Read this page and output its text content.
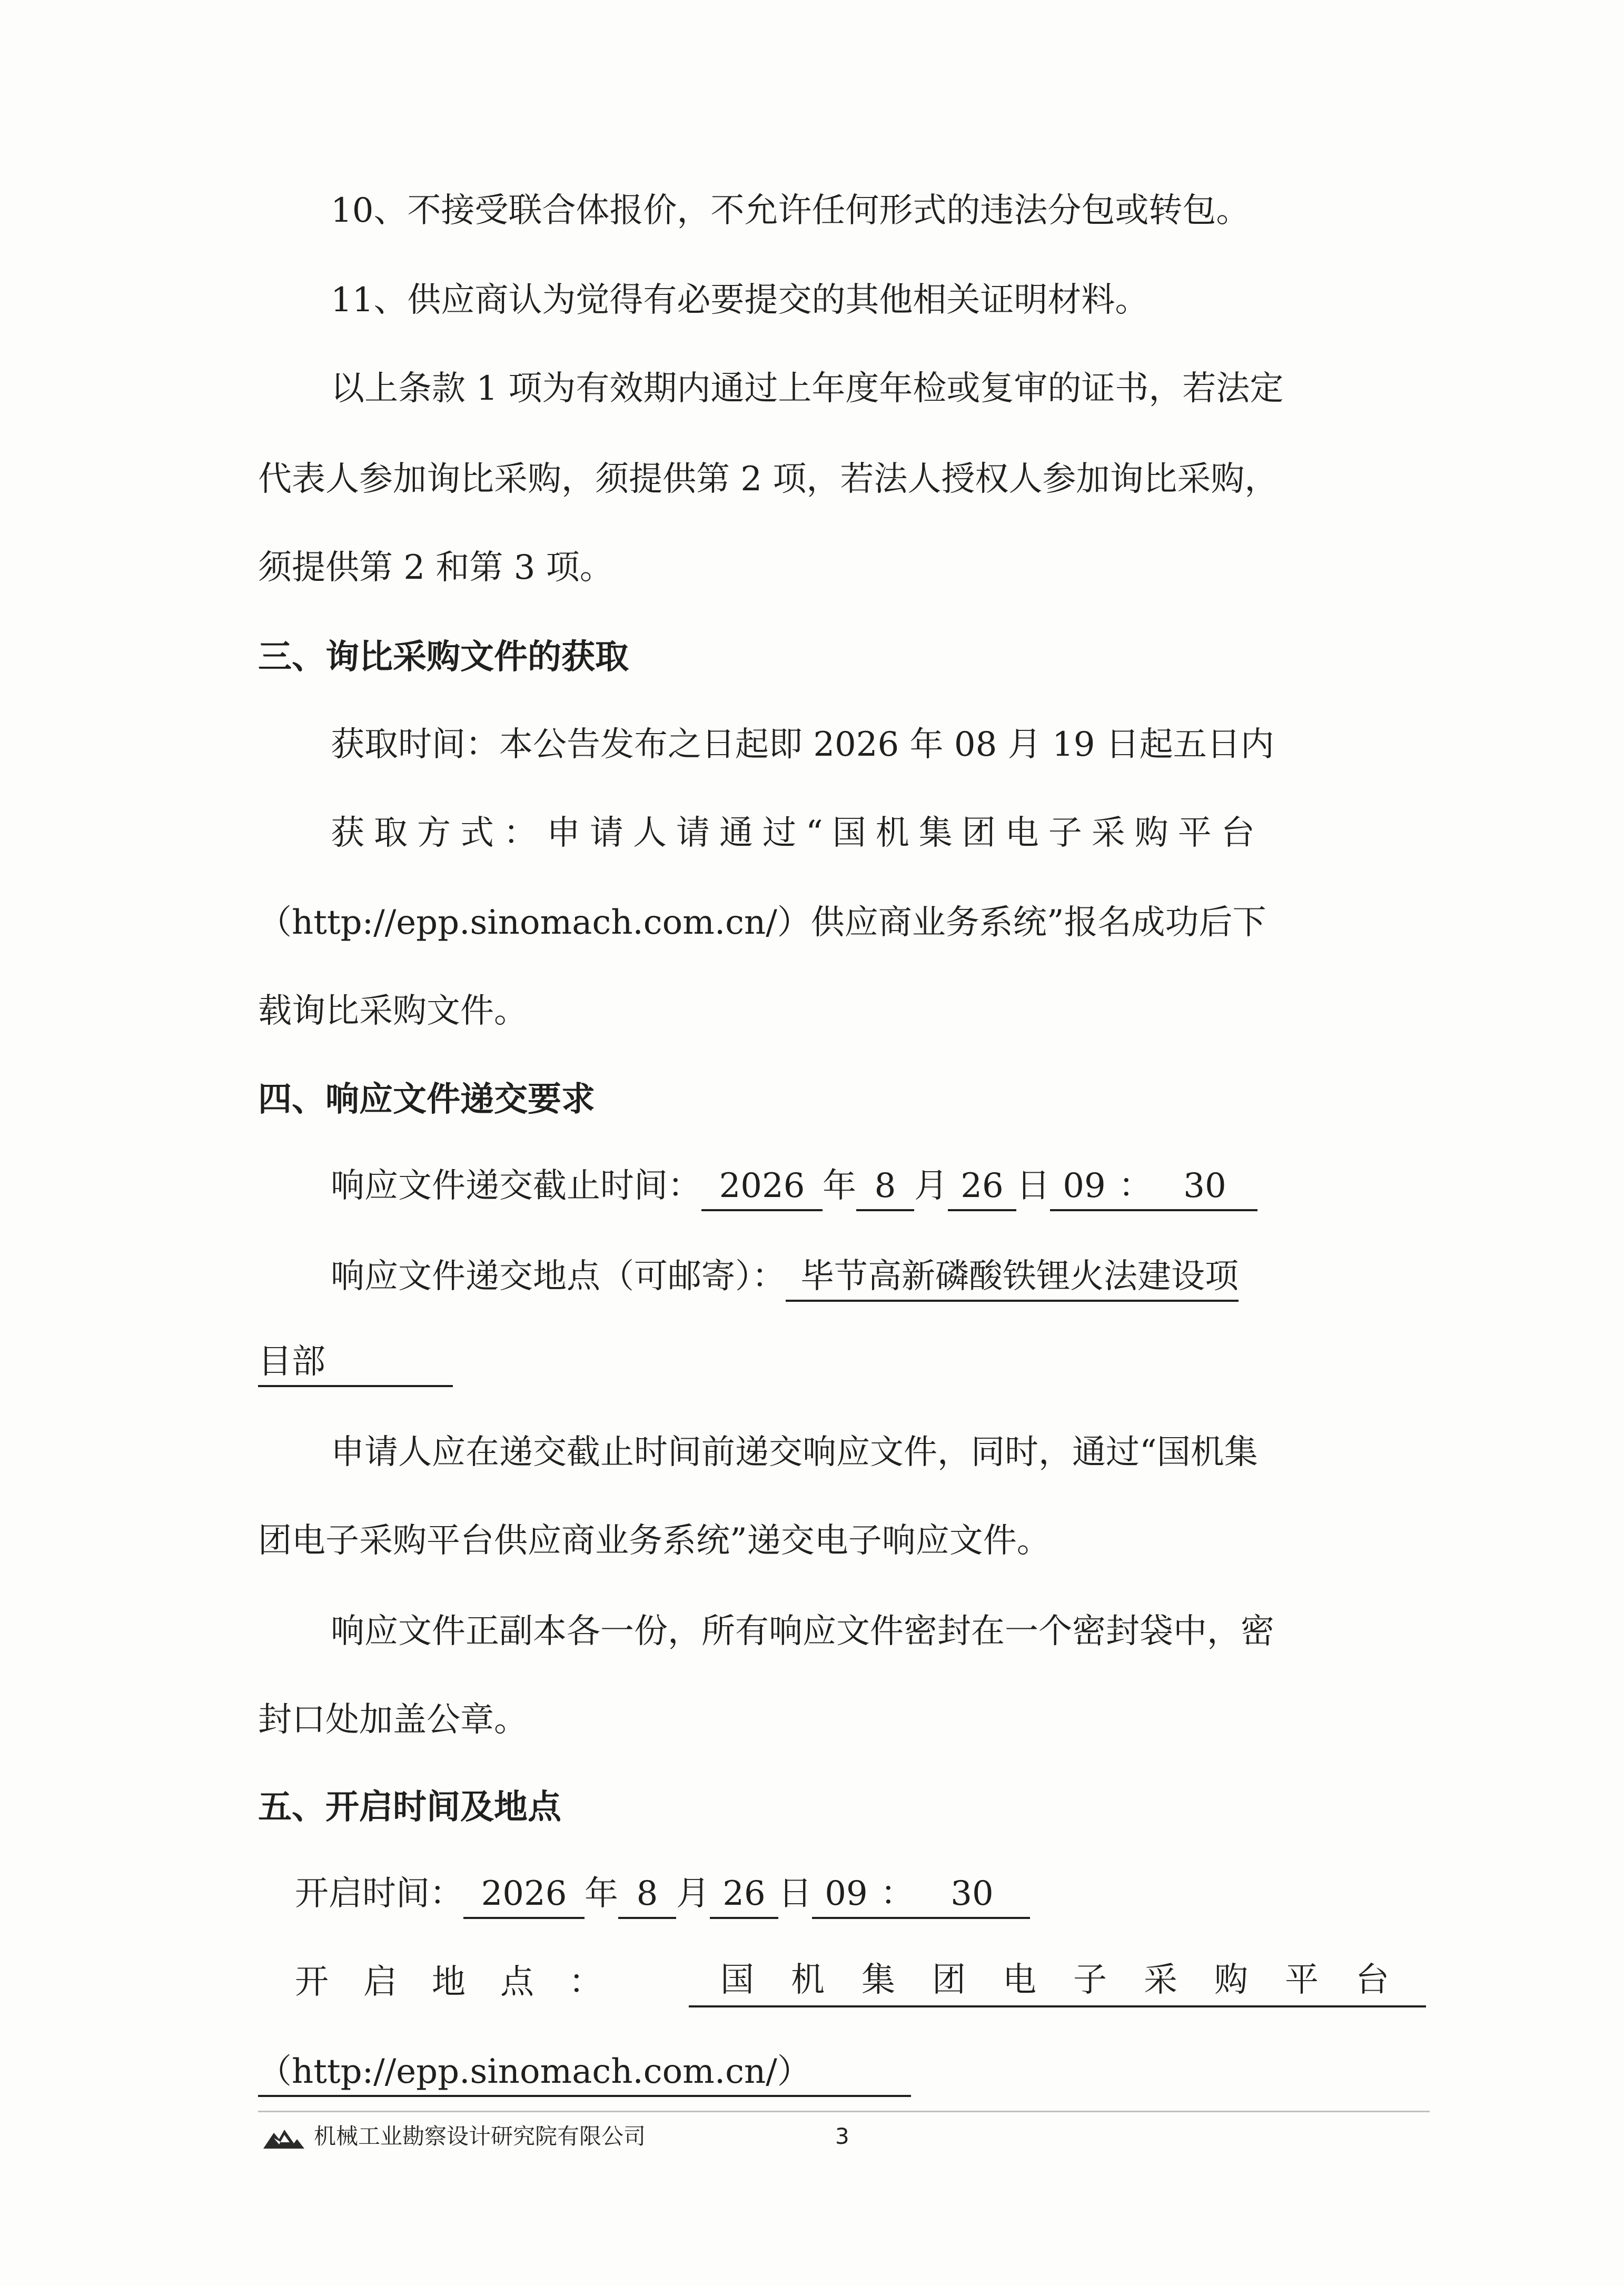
10、不接受联合体报价，不允许任何形式的违法分包或转包。
11、供应商认为觉得有必要提交的其他相关证明材料。
以上条款 1 项为有效期内通过上年度年检或复审的证书，若法定
代表人参加询比采购，须提供第 2 项，若法人授权人参加询比采购，
须提供第 2 和第 3 项。
三、询比采购文件的获取
获取时间：本公告发布之日起即 2026 年 08 月 19 日起五日内
获取方式：申请人请通过“国机集团电子采购平台
（http://epp.sinomach.com.cn/）供应商业务系统”报名成功后下
载询比采购文件。
四、响应文件递交要求
响应文件递交截止时间： 2026 年 8 月 26 日 09 ： 30
响应文件递交地点（可邮寄）： 毕节高新磷酸铁锂火法建设项
目部
申请人应在递交截止时间前递交响应文件，同时，通过“国机集
团电子采购平台供应商业务系统”递交电子响应文件。
响应文件正副本各一份，所有响应文件密封在一个密封袋中，密
封口处加盖公章。
五、开启时间及地点
开启时间： 2026 年 8 月 26 日 09 ： 30
开启地点：	国机集团电子采购平台
（http://epp.sinomach.com.cn/）
机械工业勘察设计研究院有限公司	3
